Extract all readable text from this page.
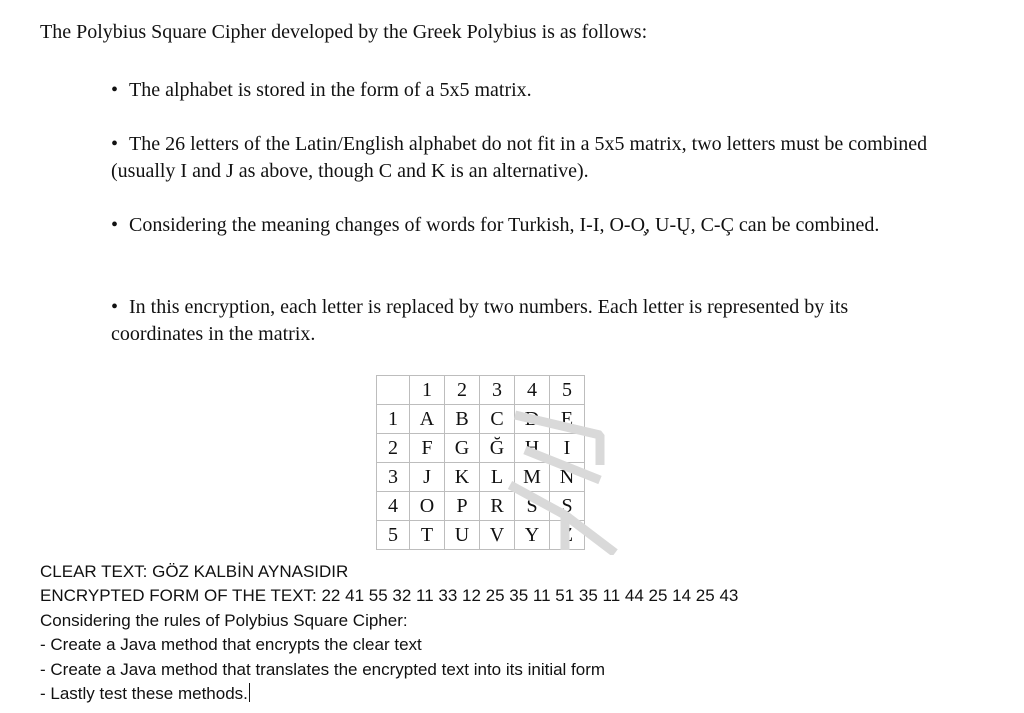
The Polybius Square Cipher developed by the Greek Polybius is as follows:

• The alphabet is stored in the form of a 5x5 matrix.

• The 26 letters of the Latin/English alphabet do not fit in a 5x5 matrix, two letters must be combined (usually I and J as above, though C and K is an alternative).

• Considering the meaning changes of words for Turkish, I-I, O-O̧, U-Ų, C-Ç can be combined.

• In this encryption, each letter is replaced by two numbers. Each letter is represented by its coordinates in the matrix.

	1	2	3	4	5
1	A	B	C	D	E
2	F	G	Ğ	H	I
3	J	K	L	M	N
4	O	P	R	S	Ş
5	T	U	V	Y	Z
CLEAR TEXT: GÖZ KALBİN AYNASIDIR
ENCRYPTED FORM OF THE TEXT: 22 41 55 32 11 33 12 25 35 11 51 35 11 44 25 14 25 43
Considering the rules of Polybius Square Cipher:
- Create a Java method that encrypts the clear text
- Create a Java method that translates the encrypted text into its initial form
- Lastly test these methods.
